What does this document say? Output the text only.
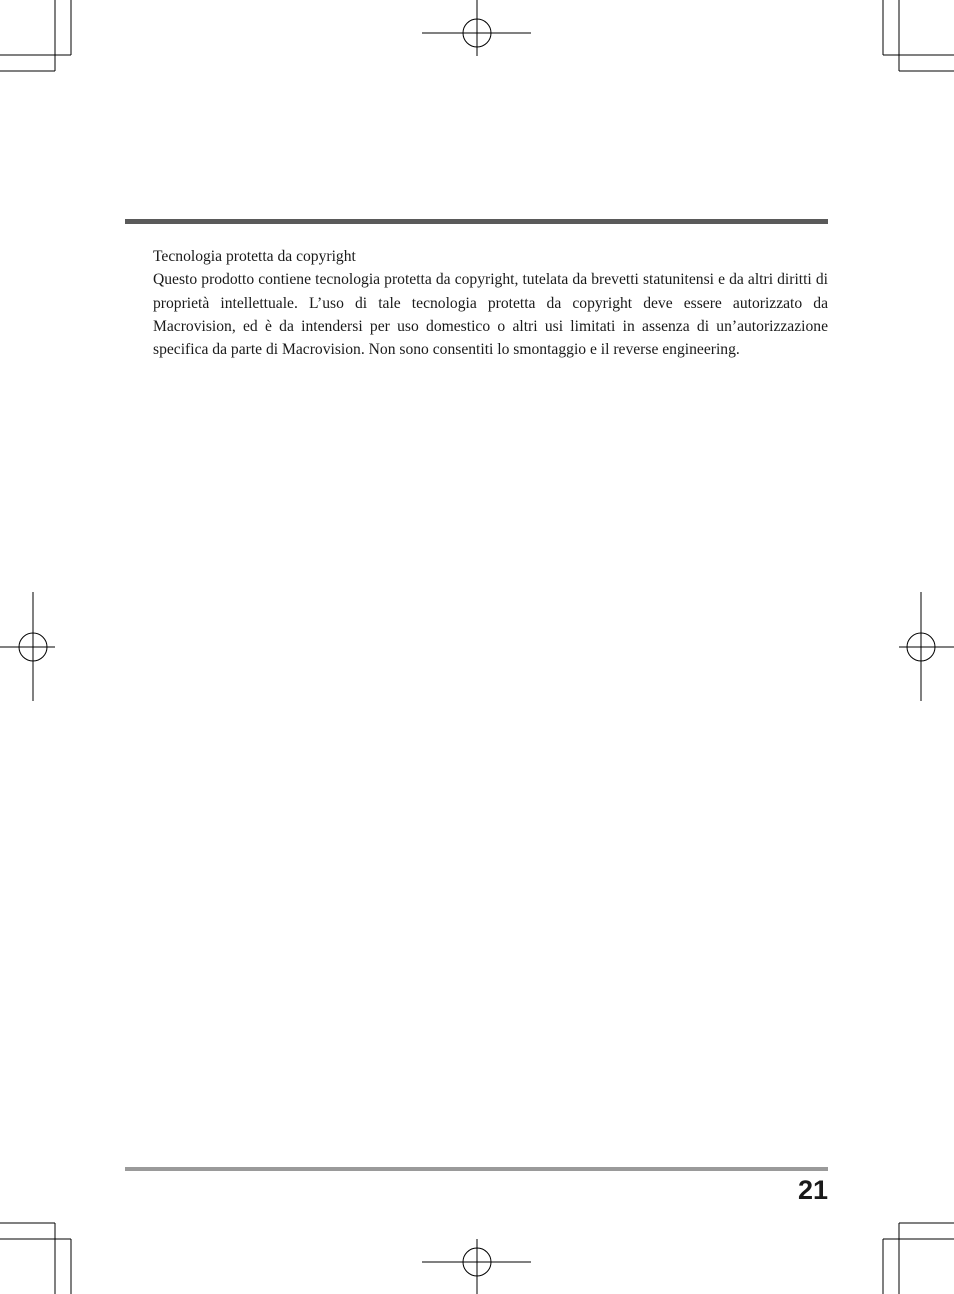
Tecnologia protetta da copyright

Questo prodotto contiene tecnologia protetta da copyright, tutelata da brevetti statunitensi e da altri diritti di proprietà intellettuale. L’uso di tale tecnologia protetta da copyright deve essere autorizzato da Macrovision, ed è da intendersi per uso domestico o altri usi limitati in assenza di un’autorizzazione specifica da parte di Macrovision. Non sono consentiti lo smontaggio e il reverse engineering.

21
